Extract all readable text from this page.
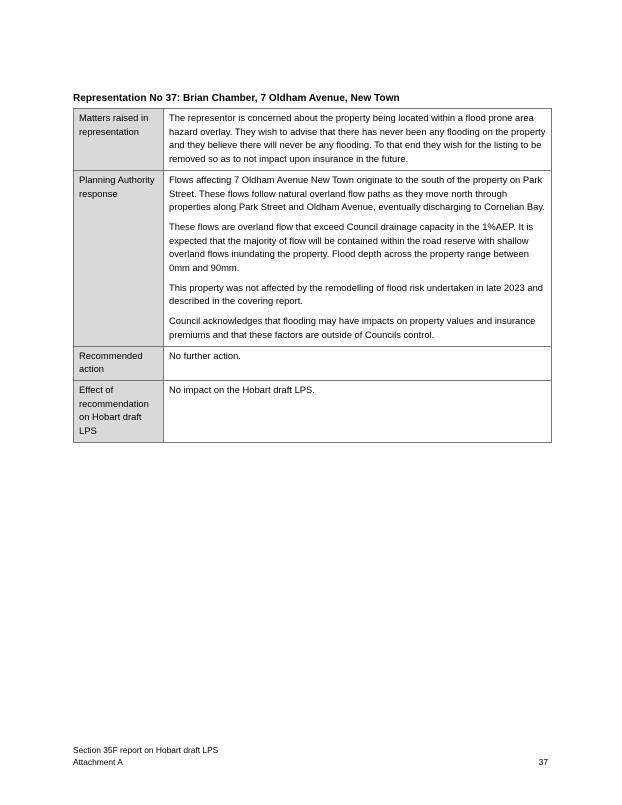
Representation No 37: Brian Chamber, 7 Oldham Avenue, New Town
Matters raised in representation	The representor is concerned about the property being located within a flood prone area hazard overlay. They wish to advise that there has never been any flooding on the property and they believe there will never be any flooding. To that end they wish for the listing to be removed so as to not impact upon insurance in the future.

Planning Authority response	Flows affecting 7 Oldham Avenue New Town originate to the south of the property on Park Street. These flows follow natural overland flow paths as they move north through properties along Park Street and Oldham Avenue, eventually discharging to Cornelian Bay.

These flows are overland flow that exceed Council drainage capacity in the 1%AEP. It is expected that the majority of flow will be contained within the road reserve with shallow overland flows inundating the property. Flood depth across the property range between 0mm and 90mm.

This property was not affected by the remodelling of flood risk undertaken in late 2023 and described in the covering report.

Council acknowledges that flooding may have impacts on property values and insurance premiums and that these factors are outside of Councils control.

Recommended action	No further action.

Effect of recommendation on Hobart draft LPS	No impact on the Hobart draft LPS.

Section 35F report on Hobart draft LPS
Attachment A	37
